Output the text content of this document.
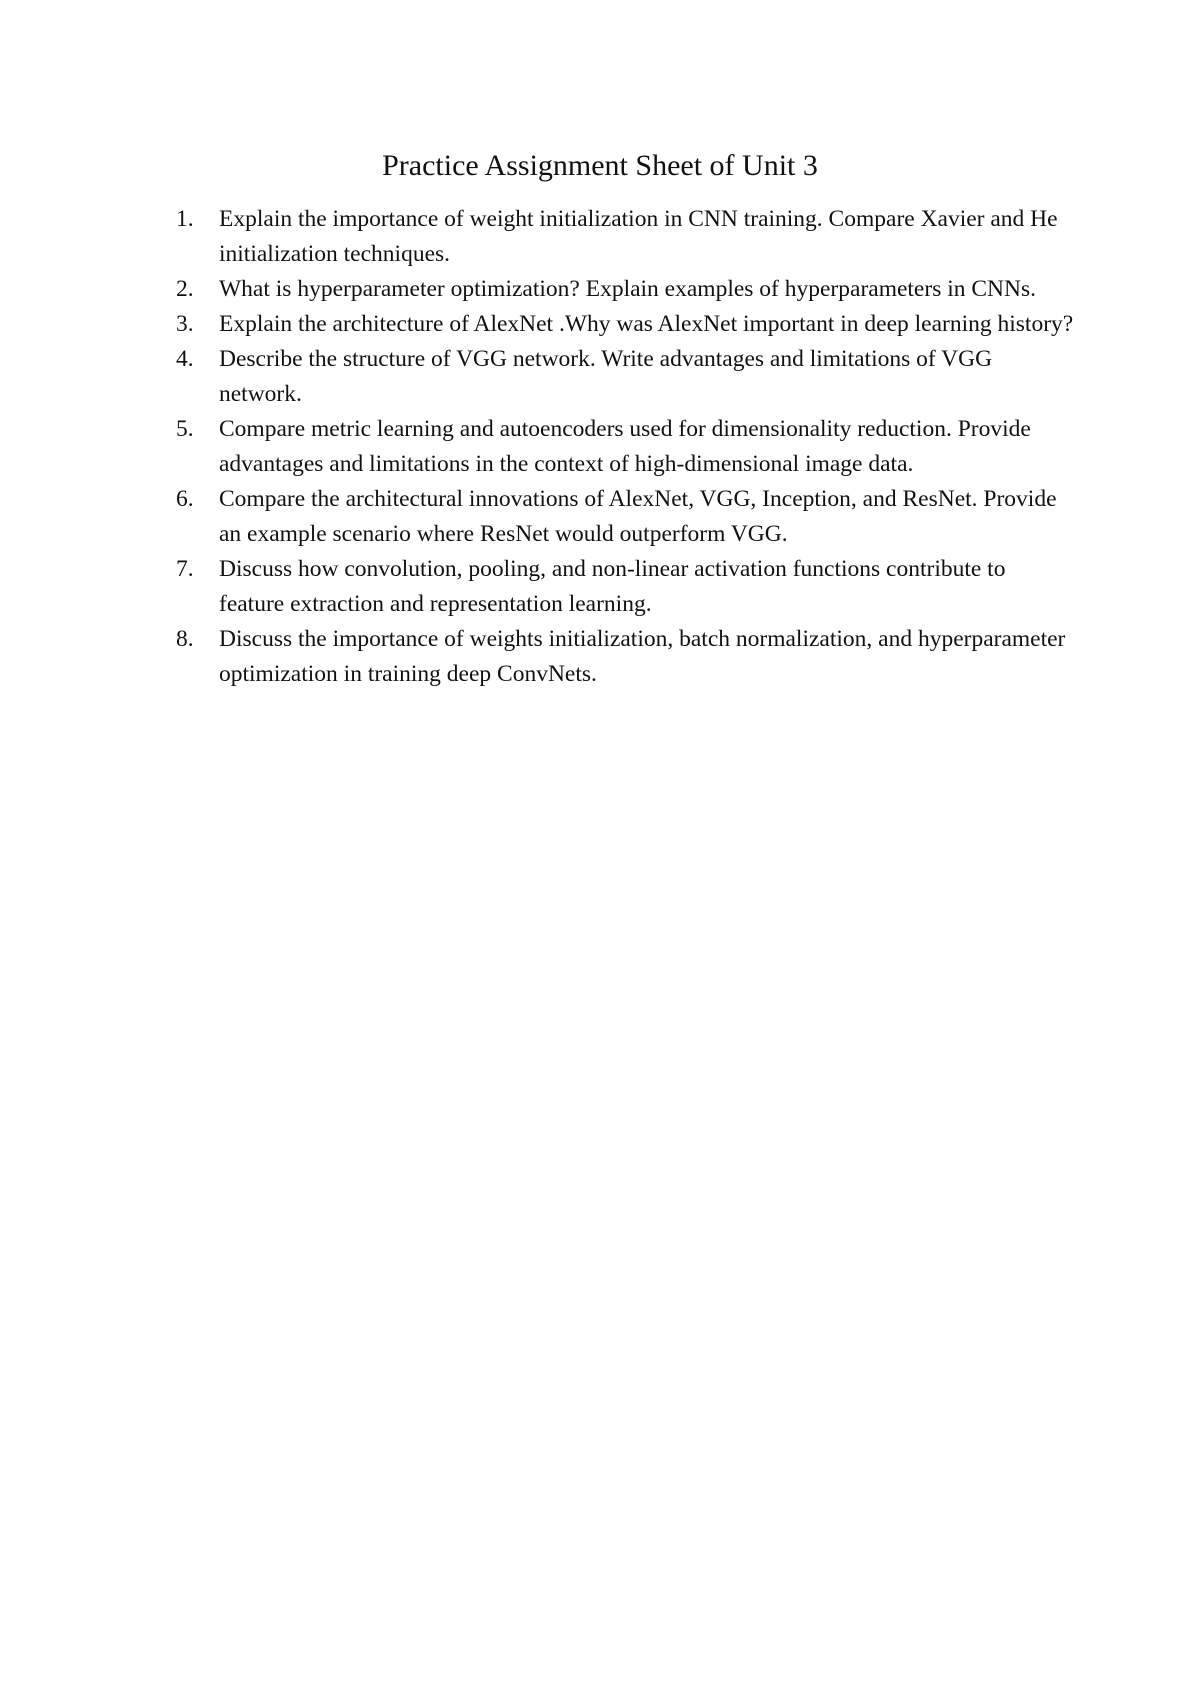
Practice Assignment Sheet of Unit 3
1.	Explain the importance of weight initialization in CNN training. Compare Xavier and He initialization techniques.
2.	What is hyperparameter optimization? Explain examples of hyperparameters in CNNs.
3.	Explain the architecture of AlexNet .Why was AlexNet important in deep learning history?
4.	Describe the structure of VGG network. Write advantages and limitations of VGG network.
5.	Compare metric learning and autoencoders used for dimensionality reduction. Provide advantages and limitations in the context of high-dimensional image data.
6.	Compare the architectural innovations of AlexNet, VGG, Inception, and ResNet. Provide an example scenario where ResNet would outperform VGG.
7.	Discuss how convolution, pooling, and non-linear activation functions contribute to feature extraction and representation learning.
8.	Discuss the importance of weights initialization, batch normalization, and hyperparameter optimization in training deep ConvNets.
